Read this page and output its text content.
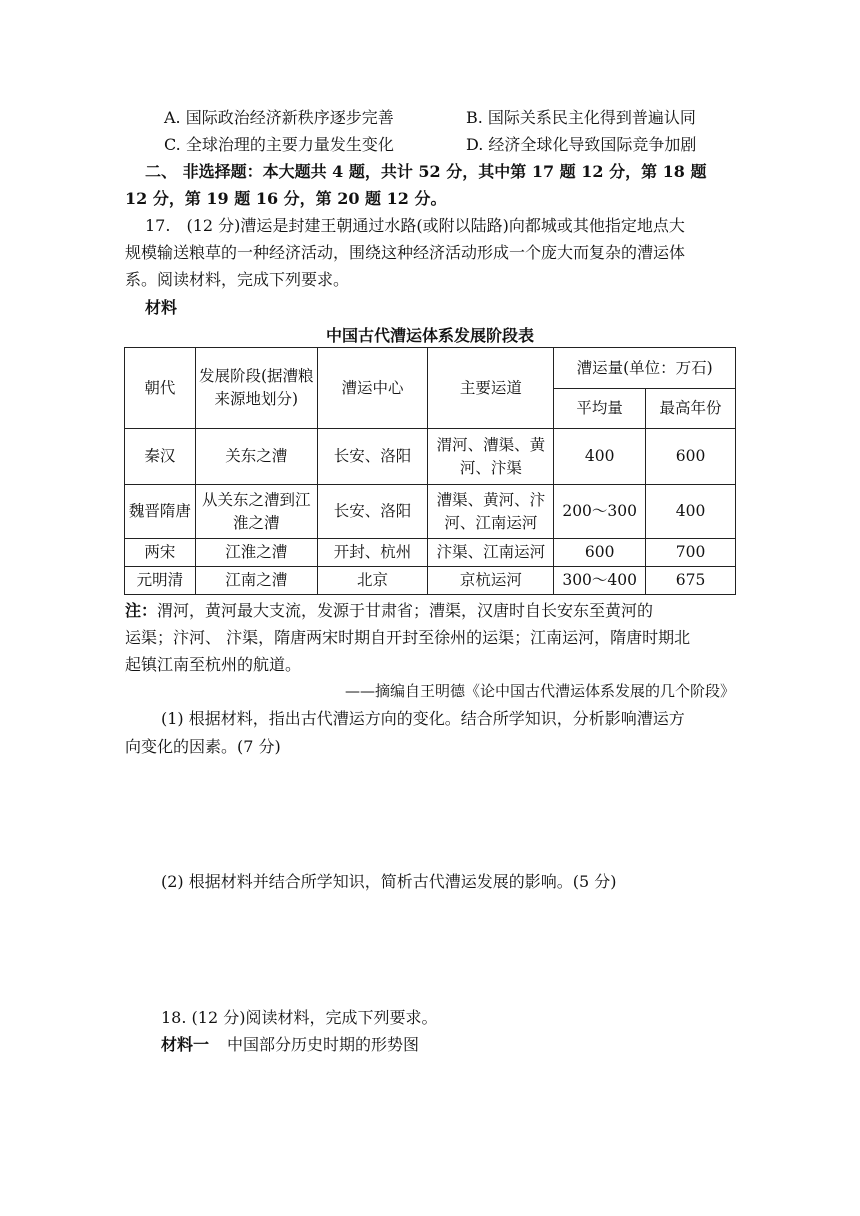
A. 国际政治经济新秩序逐步完善	B. 国际关系民主化得到普遍认同
C. 全球治理的主要力量发生变化	D. 经济全球化导致国际竞争加剧
二、 非选择题：本大题共 4 题，共计 52 分，其中第 17 题 12 分，第 18 题
12 分，第 19 题 16 分，第 20 题 12 分。
17.　(12 分)漕运是封建王朝通过水路(或附以陆路)向都城或其他指定地点大
规模输送粮草的一种经济活动，围绕这种经济活动形成一个庞大而复杂的漕运体
系。阅读材料，完成下列要求。
材料
中国古代漕运体系发展阶段表
朝代	发展阶段(据漕粮来源地划分)	漕运中心	主要运道	漕运量(单位：万石)	
				平均量	最高年份
秦汉	关东之漕	长安、洛阳	渭河、漕渠、黄河、汴渠	400	600
魏晋隋唐	从关东之漕到江淮之漕	长安、洛阳	漕渠、黄河、汴河、江南运河	200～300	400
两宋	江淮之漕	开封、杭州	汴渠、江南运河	600	700
元明清	江南之漕	北京	京杭运河	300～400	675
注：渭河，黄河最大支流，发源于甘肃省；漕渠，汉唐时自长安东至黄河的
运渠；汴河、 汴渠，隋唐两宋时期自开封至徐州的运渠；江南运河，隋唐时期北
起镇江南至杭州的航道。
——摘编自王明德《论中国古代漕运体系发展的几个阶段》
(1) 根据材料，指出古代漕运方向的变化。结合所学知识，分析影响漕运方
向变化的因素。(7 分)
(2) 根据材料并结合所学知识，简析古代漕运发展的影响。(5 分)
18. (12 分)阅读材料，完成下列要求。
材料一 中国部分历史时期的形势图
